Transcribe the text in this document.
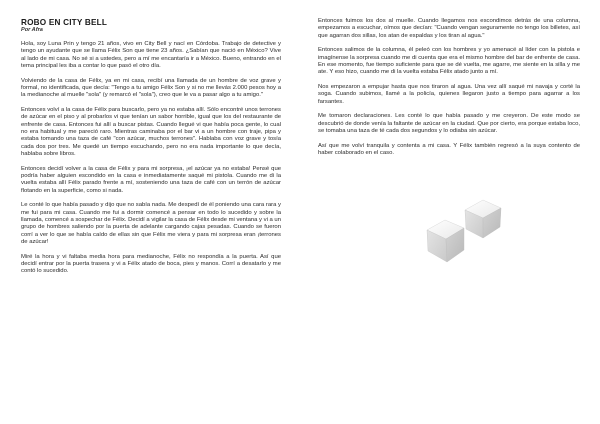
ROBO EN CITY BELL
Por Afra

Hola, soy Luna Prin y tengo 21 años, vivo en City Bell y nací en Córdoba. Trabajo de detective y tengo un ayudante que se llama Félix Son que tiene 23 años. ¿Sabían que nació en México? Vive al lado de mi casa. No sé si a ustedes, pero a mí me encantaría ir a México. Bueno, entrando en el tema principal les iba a contar lo que pasó el otro día.

Volviendo de la casa de Félix, ya en mi casa, recibí una llamada de un hombre de voz grave y formal, no identificada, que decía: "Tengo a tu amigo Félix Son y si no me llevás 2.000 pesos hoy a la medianoche al muelle "sola" (y remarcó el "sola"), creo que le va a pasar algo a tu amigo."

Entonces volví a la casa de Félix para buscarlo, pero ya no estaba allí. Sólo encontré unos terrones de azúcar en el piso y al probarlos vi que tenían un sabor horrible, igual que los del restaurante de enfrente de casa. Entonces fui allí a buscar pistas. Cuando llegué vi que había poca gente, lo cual no era habitual y me pareció raro. Mientras caminaba por el bar vi a un hombre con traje, pipa y estaba tomando una taza de café "con azúcar, muchos terrones". Hablaba con voz grave y tosía cada dos por tres. Me quedé un tiempo escuchando, pero no era nada importante lo que decía, hablaba sobre libros.

Entonces decidí volver a la casa de Félix y para mi sorpresa, ¡el azúcar ya no estaba! Pensé que podría haber alguien escondido en la casa e inmediatamente saqué mi pistola. Cuando me di la vuelta estaba allí Félix parado frente a mí, sosteniendo una taza de café con un terrón de azúcar flotando en la superficie, como si nada.

Le conté lo que había pasado y dijo que no sabía nada. Me despedí de él poniendo una cara rara y me fui para mi casa. Cuando me fui a dormir comencé a pensar en todo lo sucedido y sobre la llamada, comencé a sospechar de Félix. Decidí a vigilar la casa de Félix desde mi ventana y vi a un grupo de hombres saliendo por la puerta de adelante cargando cajas pesadas. Cuando se fueron corrí a ver lo que se había caído de ellas sin que Félix me viera y para mi sorpresa eran ¡terrones de azúcar!

Miré la hora y vi faltaba media hora para medianoche, Félix no respondía a la puerta. Así que decidí entrar por la puerta trasera y vi a Félix atado de boca, pies y manos. Corrí a desatarlo y me contó lo sucedido.

Entonces fuimos los dos al muelle. Cuando llegamos nos escondimos detrás de una columna, empezamos a escuchar, oímos que decían: "Cuando vengan seguramente no tengo los billetes, así que agarran dos sillas, los atan de espaldas y los tiran al agua."

Entonces salimos de la columna, él peleó con los hombres y yo amenacé al líder con la pistola e imagínense la sorpresa cuando me di cuenta que era el mismo hombre del bar de enfrente de casa. En ese momento, fue tiempo suficiente para que se dé vuelta, me agarre, me siente en la silla y me ate. Y eso hizo, cuando me di la vuelta estaba Félix atado junto a mí.

Nos empezaron a empujar hasta que nos tiraron al agua. Una vez allí saqué mi navaja y corté la soga. Cuando subimos, llamé a la policía, quienes llegaron justo a tiempo para agarrar a los farsantes.

Me tomaron declaraciones. Les conté lo que había pasado y me creyeron. De este modo se descubrió de donde venía la faltante de azúcar en la ciudad. Que por cierto, era porque estaba loco, se tomaba una taza de té cada dos segundos y lo odiaba sin azúcar.

Así que me volví tranquila y contenta a mi casa. Y Félix también regresó a la suya contento de haber colaborado en el caso.
